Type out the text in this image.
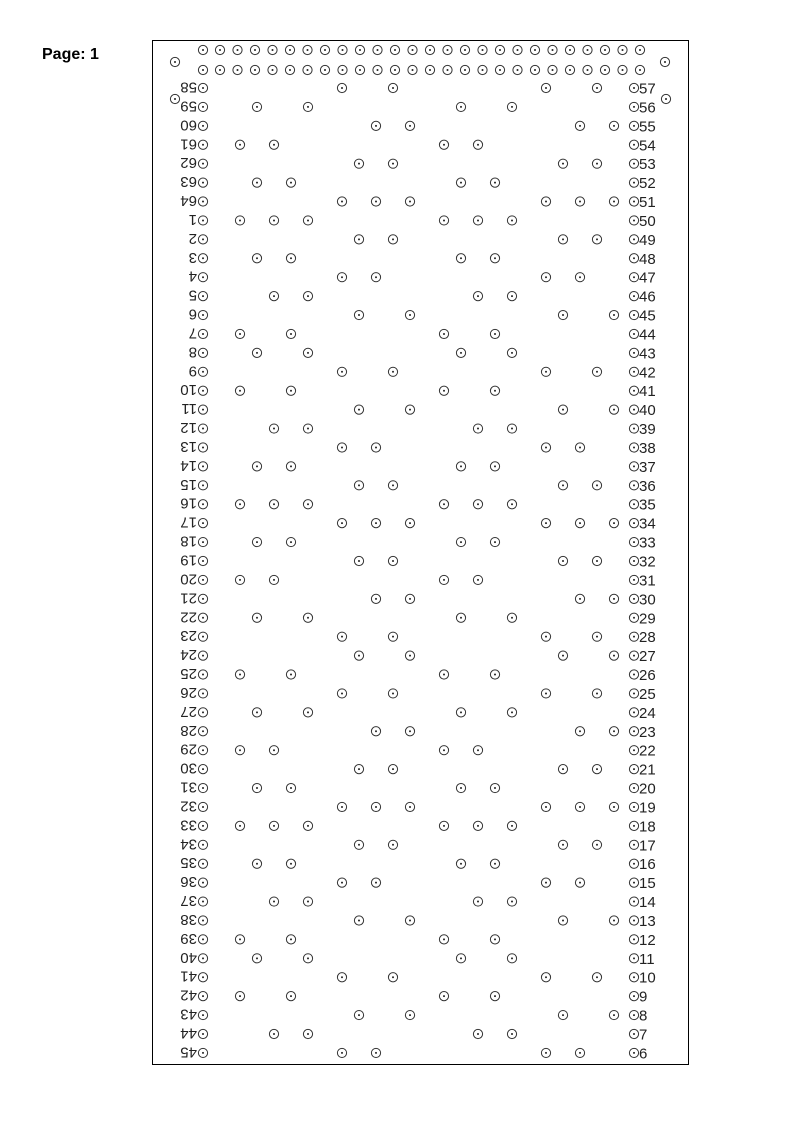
Page: 1
58	57
59	56
60	55
61	54
62	53
63	52
64	51
1	50
2	49
3	48
4	47
5	46
6	45
7	44
8	43
9	42
10	41
11	40
12	39
13	38
14	37
15	36
16	35
17	34
18	33
19	32
20	31
21	30
22	29
23	28
24	27
25	26
26	25
27	24
28	23
29	22
30	21
31	20
32	19
33	18
34	17
35	16
36	15
37	14
38	13
39	12
40	11
41	10
42	9
43	8
44	7
45	6
